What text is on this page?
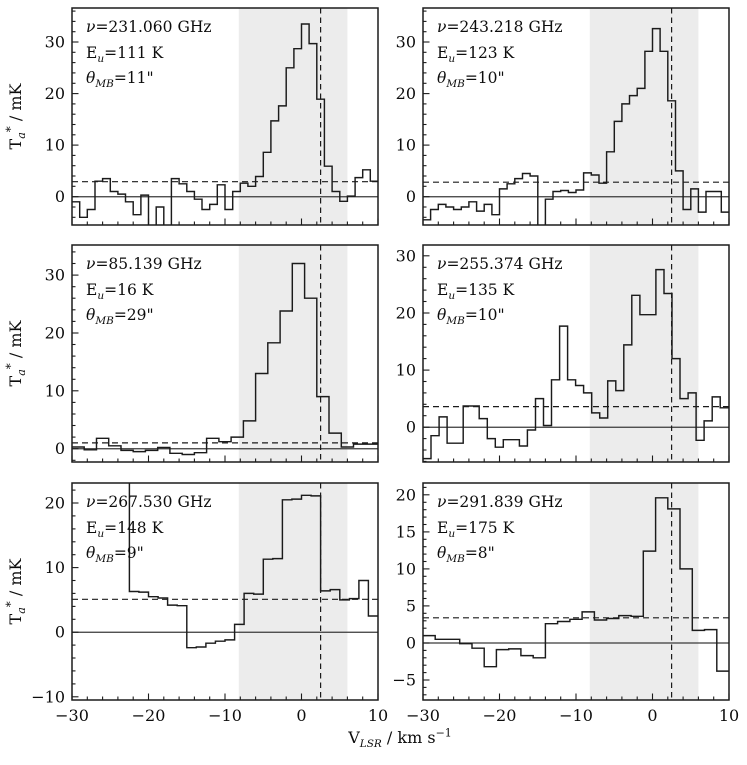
0
10
20
30
0
10
20
30
0
10
20
30
0
10
20
30
−10
0
10
20
−30	−20	−10	0	10
−5
0
5
10
15
20
−30	−20	−10	0	10
$T_a^*$ / mK
$T_a^*$ / mK
$T_a^*$ / mK
$V_{LSR}$ / km $s^{-1}$
ν=231.060 GHz
$E_u=111$ K
$\theta_{MB}=11$"
ν=243.218 GHz
$E_u=123$ K
$\theta_{MB}=10$"
ν=85.139 GHz
$E_u=16$ K
$\theta_{MB}=29$"
ν=255.374 GHz
$E_u=135$ K
$\theta_{MB}=10$"
ν=267.530 GHz
$E_u=148$ K
$\theta_{MB}=9$"
ν=291.839 GHz
$E_u=175$ K
$\theta_{MB}=8$"
